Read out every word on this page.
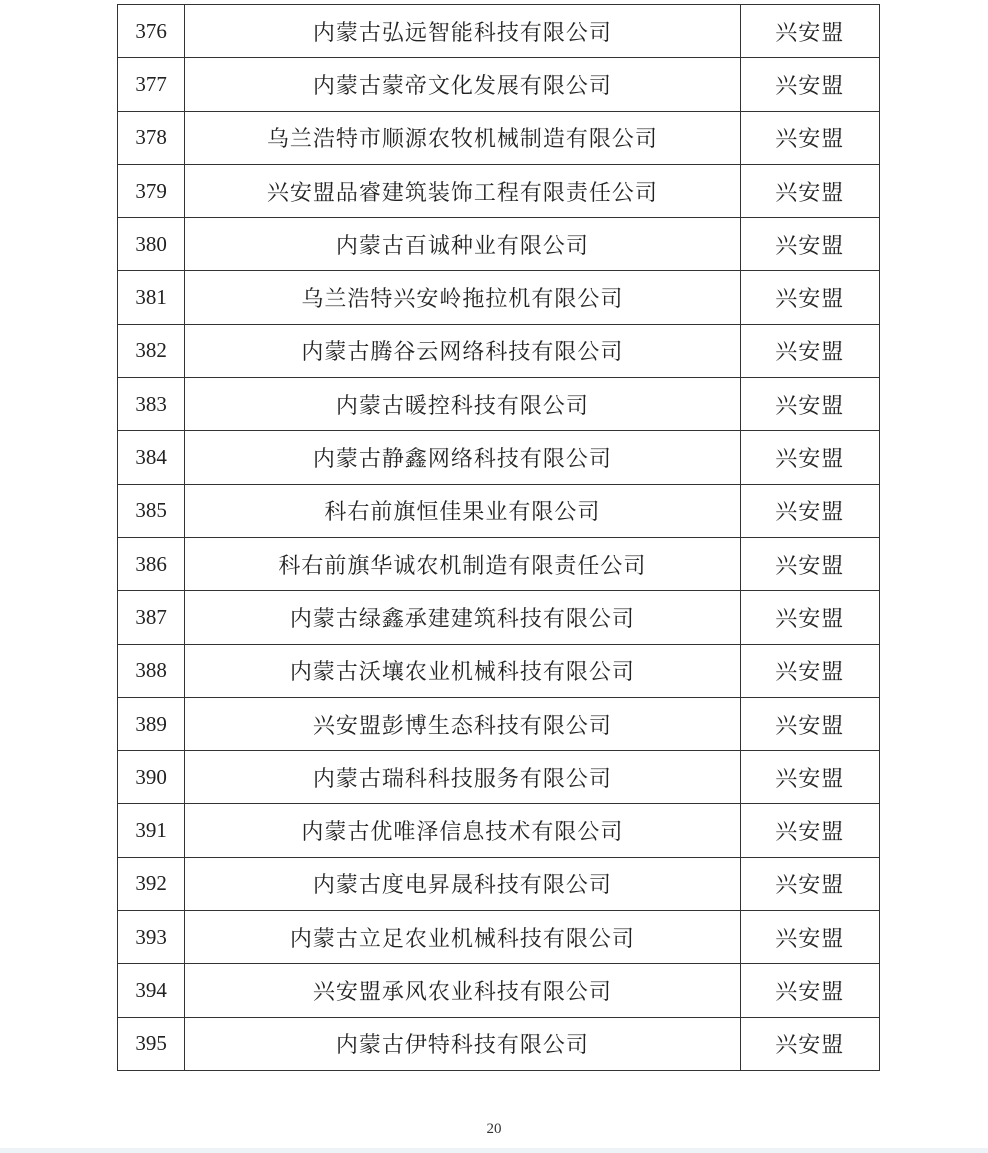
376	内蒙古弘远智能科技有限公司	兴安盟
377	内蒙古蒙帝文化发展有限公司	兴安盟
378	乌兰浩特市顺源农牧机械制造有限公司	兴安盟
379	兴安盟品睿建筑装饰工程有限责任公司	兴安盟
380	内蒙古百诚种业有限公司	兴安盟
381	乌兰浩特兴安岭拖拉机有限公司	兴安盟
382	内蒙古腾谷云网络科技有限公司	兴安盟
383	内蒙古暖控科技有限公司	兴安盟
384	内蒙古静鑫网络科技有限公司	兴安盟
385	科右前旗恒佳果业有限公司	兴安盟
386	科右前旗华诚农机制造有限责任公司	兴安盟
387	内蒙古绿鑫承建建筑科技有限公司	兴安盟
388	内蒙古沃壤农业机械科技有限公司	兴安盟
389	兴安盟彭博生态科技有限公司	兴安盟
390	内蒙古瑞科科技服务有限公司	兴安盟
391	内蒙古优唯泽信息技术有限公司	兴安盟
392	内蒙古度电昇晟科技有限公司	兴安盟
393	内蒙古立足农业机械科技有限公司	兴安盟
394	兴安盟承风农业科技有限公司	兴安盟
395	内蒙古伊特科技有限公司	兴安盟
20
